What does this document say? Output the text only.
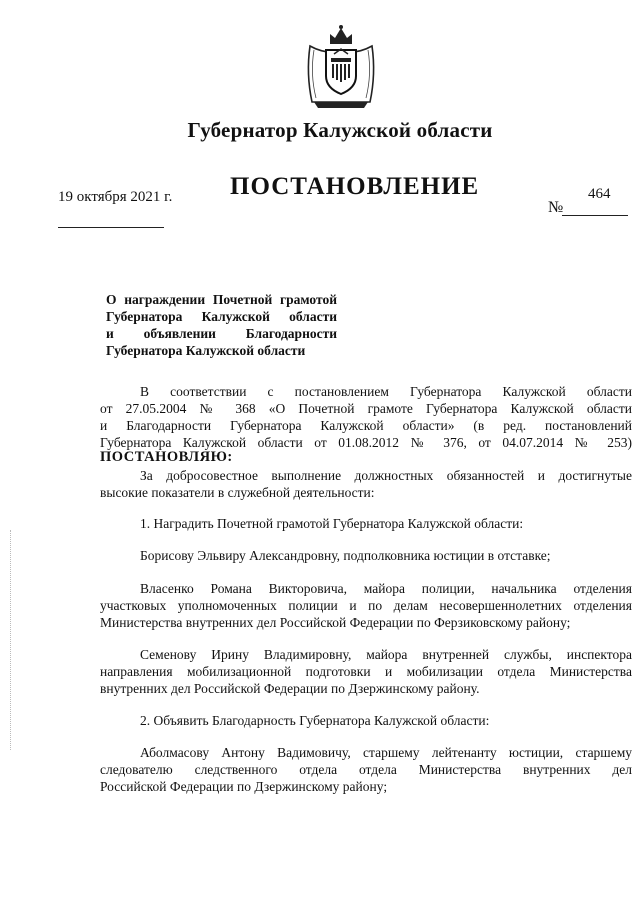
Губернатор Калужской области
19 октября 2021 г. ПОСТАНОВЛЕНИЕ	464
№
О награждении Почетной грамотой
Губернатора Калужской области
и объявлении Благодарности
Губернатора Калужской области
В соответствии с постановлением Губернатора Калужской области
от 27.05.2004 № 368 «О Почетной грамоте Губернатора Калужской области
и Благодарности Губернатора Калужской области» (в ред. постановлений
Губернатора Калужской области от 01.08.2012 № 376, от 04.07.2014 № 253)
ПОСТАНОВЛЯЮ:
За добросовестное выполнение должностных обязанностей и достигнутые
высокие показатели в служебной деятельности:
1. Наградить Почетной грамотой Губернатора Калужской области:
Борисову Эльвиру Александровну, подполковника юстиции в отставке;
Власенко Романа Викторовича, майора полиции, начальника отделения
участковых уполномоченных полиции и по делам несовершеннолетних отделения
Министерства внутренних дел Российской Федерации по Ферзиковскому району;
Семенову Ирину Владимировну, майора внутренней службы, инспектора
направления мобилизационной подготовки и мобилизации отдела Министерства
внутренних дел Российской Федерации по Дзержинскому району.
2. Объявить Благодарность Губернатора Калужской области:
Аболмасову Антону Вадимовичу, старшему лейтенанту юстиции, старшему
следователю следственного отдела отдела Министерства внутренних дел
Российской Федерации по Дзержинскому району;
